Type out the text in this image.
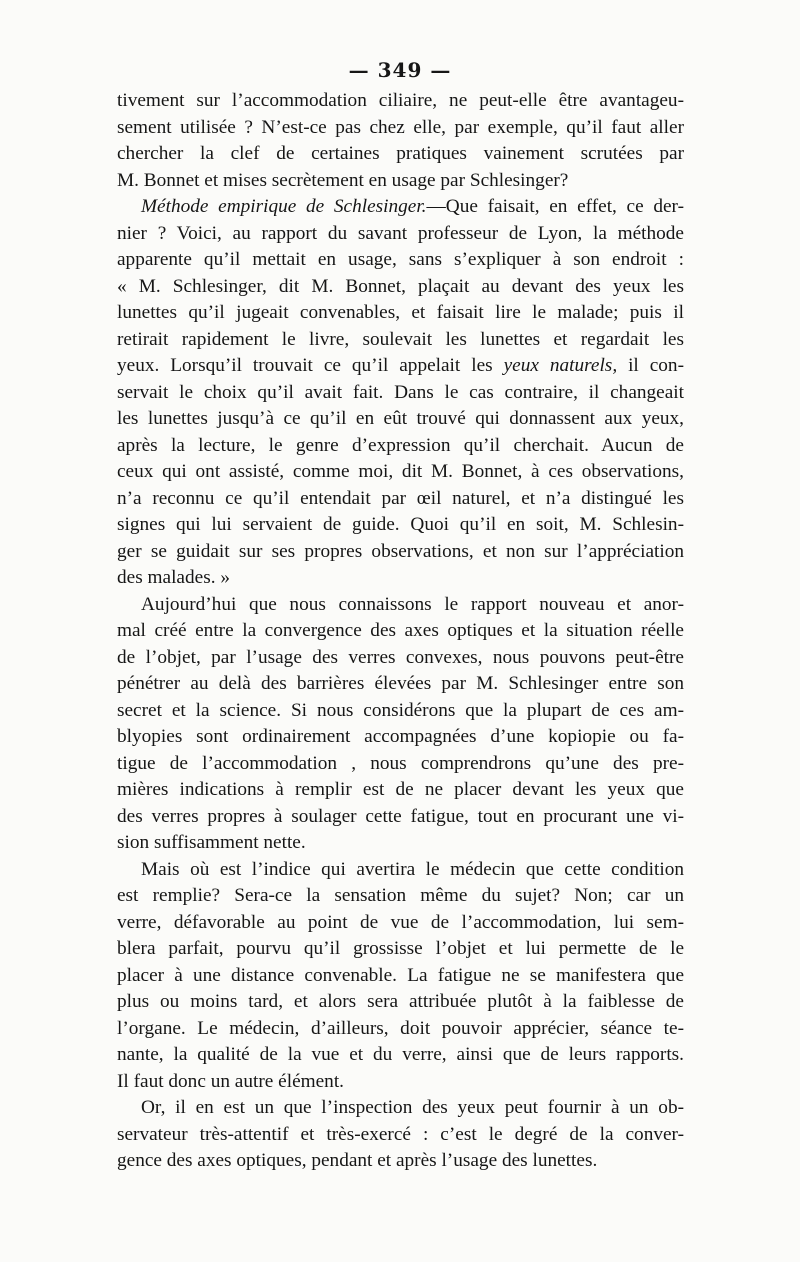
— 349 —
tivement sur l’accommodation ciliaire, ne peut-elle être avantageu-
sement utilisée ? N’est-ce pas chez elle, par exemple, qu’il faut aller
chercher la clef de certaines pratiques vainement scrutées par
M. Bonnet et mises secrètement en usage par Schlesinger?
Méthode empirique de Schlesinger.—Que faisait, en effet, ce der-
nier ? Voici, au rapport du savant professeur de Lyon, la méthode
apparente qu’il mettait en usage, sans s’expliquer à son endroit :
« M. Schlesinger, dit M. Bonnet, plaçait au devant des yeux les
lunettes qu’il jugeait convenables, et faisait lire le malade; puis il
retirait rapidement le livre, soulevait les lunettes et regardait les
yeux. Lorsqu’il trouvait ce qu’il appelait les yeux naturels, il con-
servait le choix qu’il avait fait. Dans le cas contraire, il changeait
les lunettes jusqu’à ce qu’il en eût trouvé qui donnassent aux yeux,
après la lecture, le genre d’expression qu’il cherchait. Aucun de
ceux qui ont assisté, comme moi, dit M. Bonnet, à ces observations,
n’a reconnu ce qu’il entendait par œil naturel, et n’a distingué les
signes qui lui servaient de guide. Quoi qu’il en soit, M. Schlesin-
ger se guidait sur ses propres observations, et non sur l’appréciation
des malades. »
Aujourd’hui que nous connaissons le rapport nouveau et anor-
mal créé entre la convergence des axes optiques et la situation réelle
de l’objet, par l’usage des verres convexes, nous pouvons peut-être
pénétrer au delà des barrières élevées par M. Schlesinger entre son
secret et la science. Si nous considérons que la plupart de ces am-
blyopies sont ordinairement accompagnées d’une kopiopie ou fa-
tigue de l’accommodation , nous comprendrons qu’une des pre-
mières indications à remplir est de ne placer devant les yeux que
des verres propres à soulager cette fatigue, tout en procurant une vi-
sion suffisamment nette.
Mais où est l’indice qui avertira le médecin que cette condition
est remplie? Sera-ce la sensation même du sujet? Non; car un
verre, défavorable au point de vue de l’accommodation, lui sem-
blera parfait, pourvu qu’il grossisse l’objet et lui permette de le
placer à une distance convenable. La fatigue ne se manifestera que
plus ou moins tard, et alors sera attribuée plutôt à la faiblesse de
l’organe. Le médecin, d’ailleurs, doit pouvoir apprécier, séance te-
nante, la qualité de la vue et du verre, ainsi que de leurs rapports.
Il faut donc un autre élément.
Or, il en est un que l’inspection des yeux peut fournir à un ob-
servateur très-attentif et très-exercé : c’est le degré de la conver-
gence des axes optiques, pendant et après l’usage des lunettes.
